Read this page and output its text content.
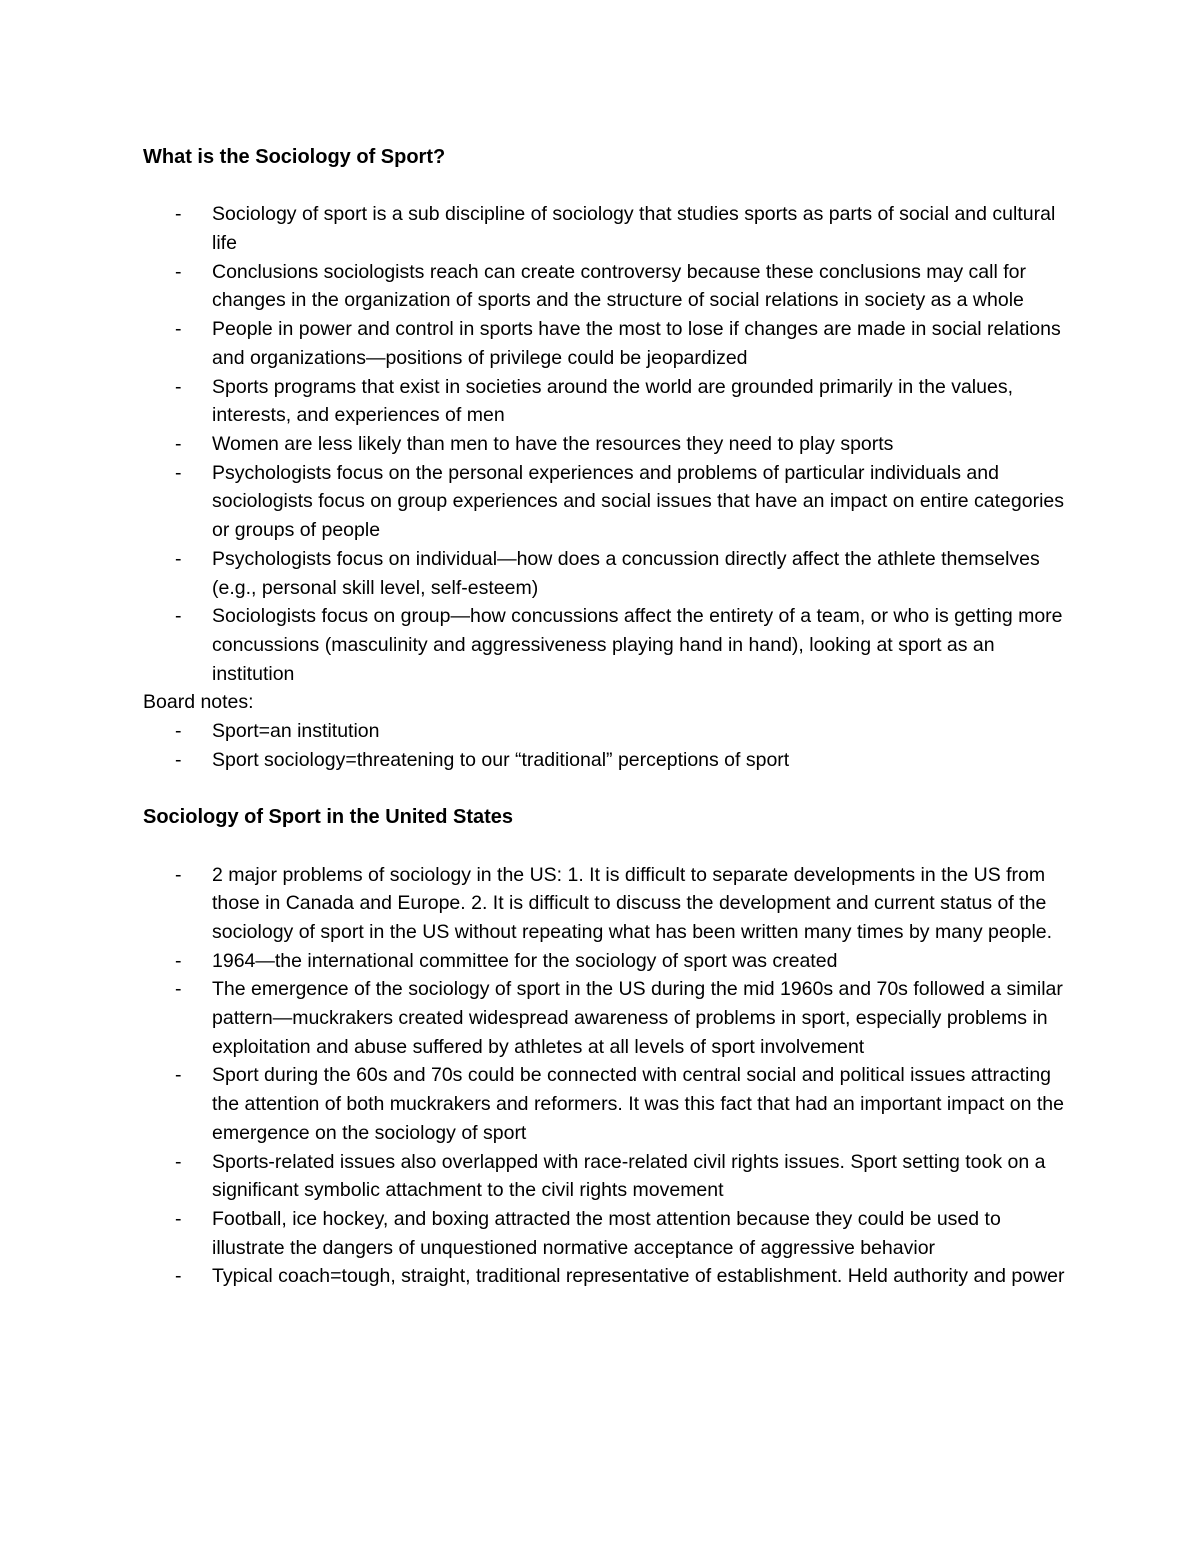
What is the Sociology of Sport?

- Sociology of sport is a sub discipline of sociology that studies sports as parts of social and cultural life
- Conclusions sociologists reach can create controversy because these conclusions may call for changes in the organization of sports and the structure of social relations in society as a whole
- People in power and control in sports have the most to lose if changes are made in social relations and organizations—positions of privilege could be jeopardized
- Sports programs that exist in societies around the world are grounded primarily in the values, interests, and experiences of men
- Women are less likely than men to have the resources they need to play sports
- Psychologists focus on the personal experiences and problems of particular individuals and sociologists focus on group experiences and social issues that have an impact on entire categories or groups of people
- Psychologists focus on individual—how does a concussion directly affect the athlete themselves (e.g., personal skill level, self-esteem)
- Sociologists focus on group—how concussions affect the entirety of a team, or who is getting more concussions (masculinity and aggressiveness playing hand in hand), looking at sport as an institution

Board notes:

- Sport=an institution
- Sport sociology=threatening to our “traditional” perceptions of sport

Sociology of Sport in the United States

- 2 major problems of sociology in the US: 1. It is difficult to separate developments in the US from those in Canada and Europe. 2. It is difficult to discuss the development and current status of the sociology of sport in the US without repeating what has been written many times by many people.
- 1964—the international committee for the sociology of sport was created
- The emergence of the sociology of sport in the US during the mid 1960s and 70s followed a similar pattern—muckrakers created widespread awareness of problems in sport, especially problems in exploitation and abuse suffered by athletes at all levels of sport involvement
- Sport during the 60s and 70s could be connected with central social and political issues attracting the attention of both muckrakers and reformers. It was this fact that had an important impact on the emergence on the sociology of sport
- Sports-related issues also overlapped with race-related civil rights issues. Sport setting took on a significant symbolic attachment to the civil rights movement
- Football, ice hockey, and boxing attracted the most attention because they could be used to illustrate the dangers of unquestioned normative acceptance of aggressive behavior
- Typical coach=tough, straight, traditional representative of establishment. Held authority and power
